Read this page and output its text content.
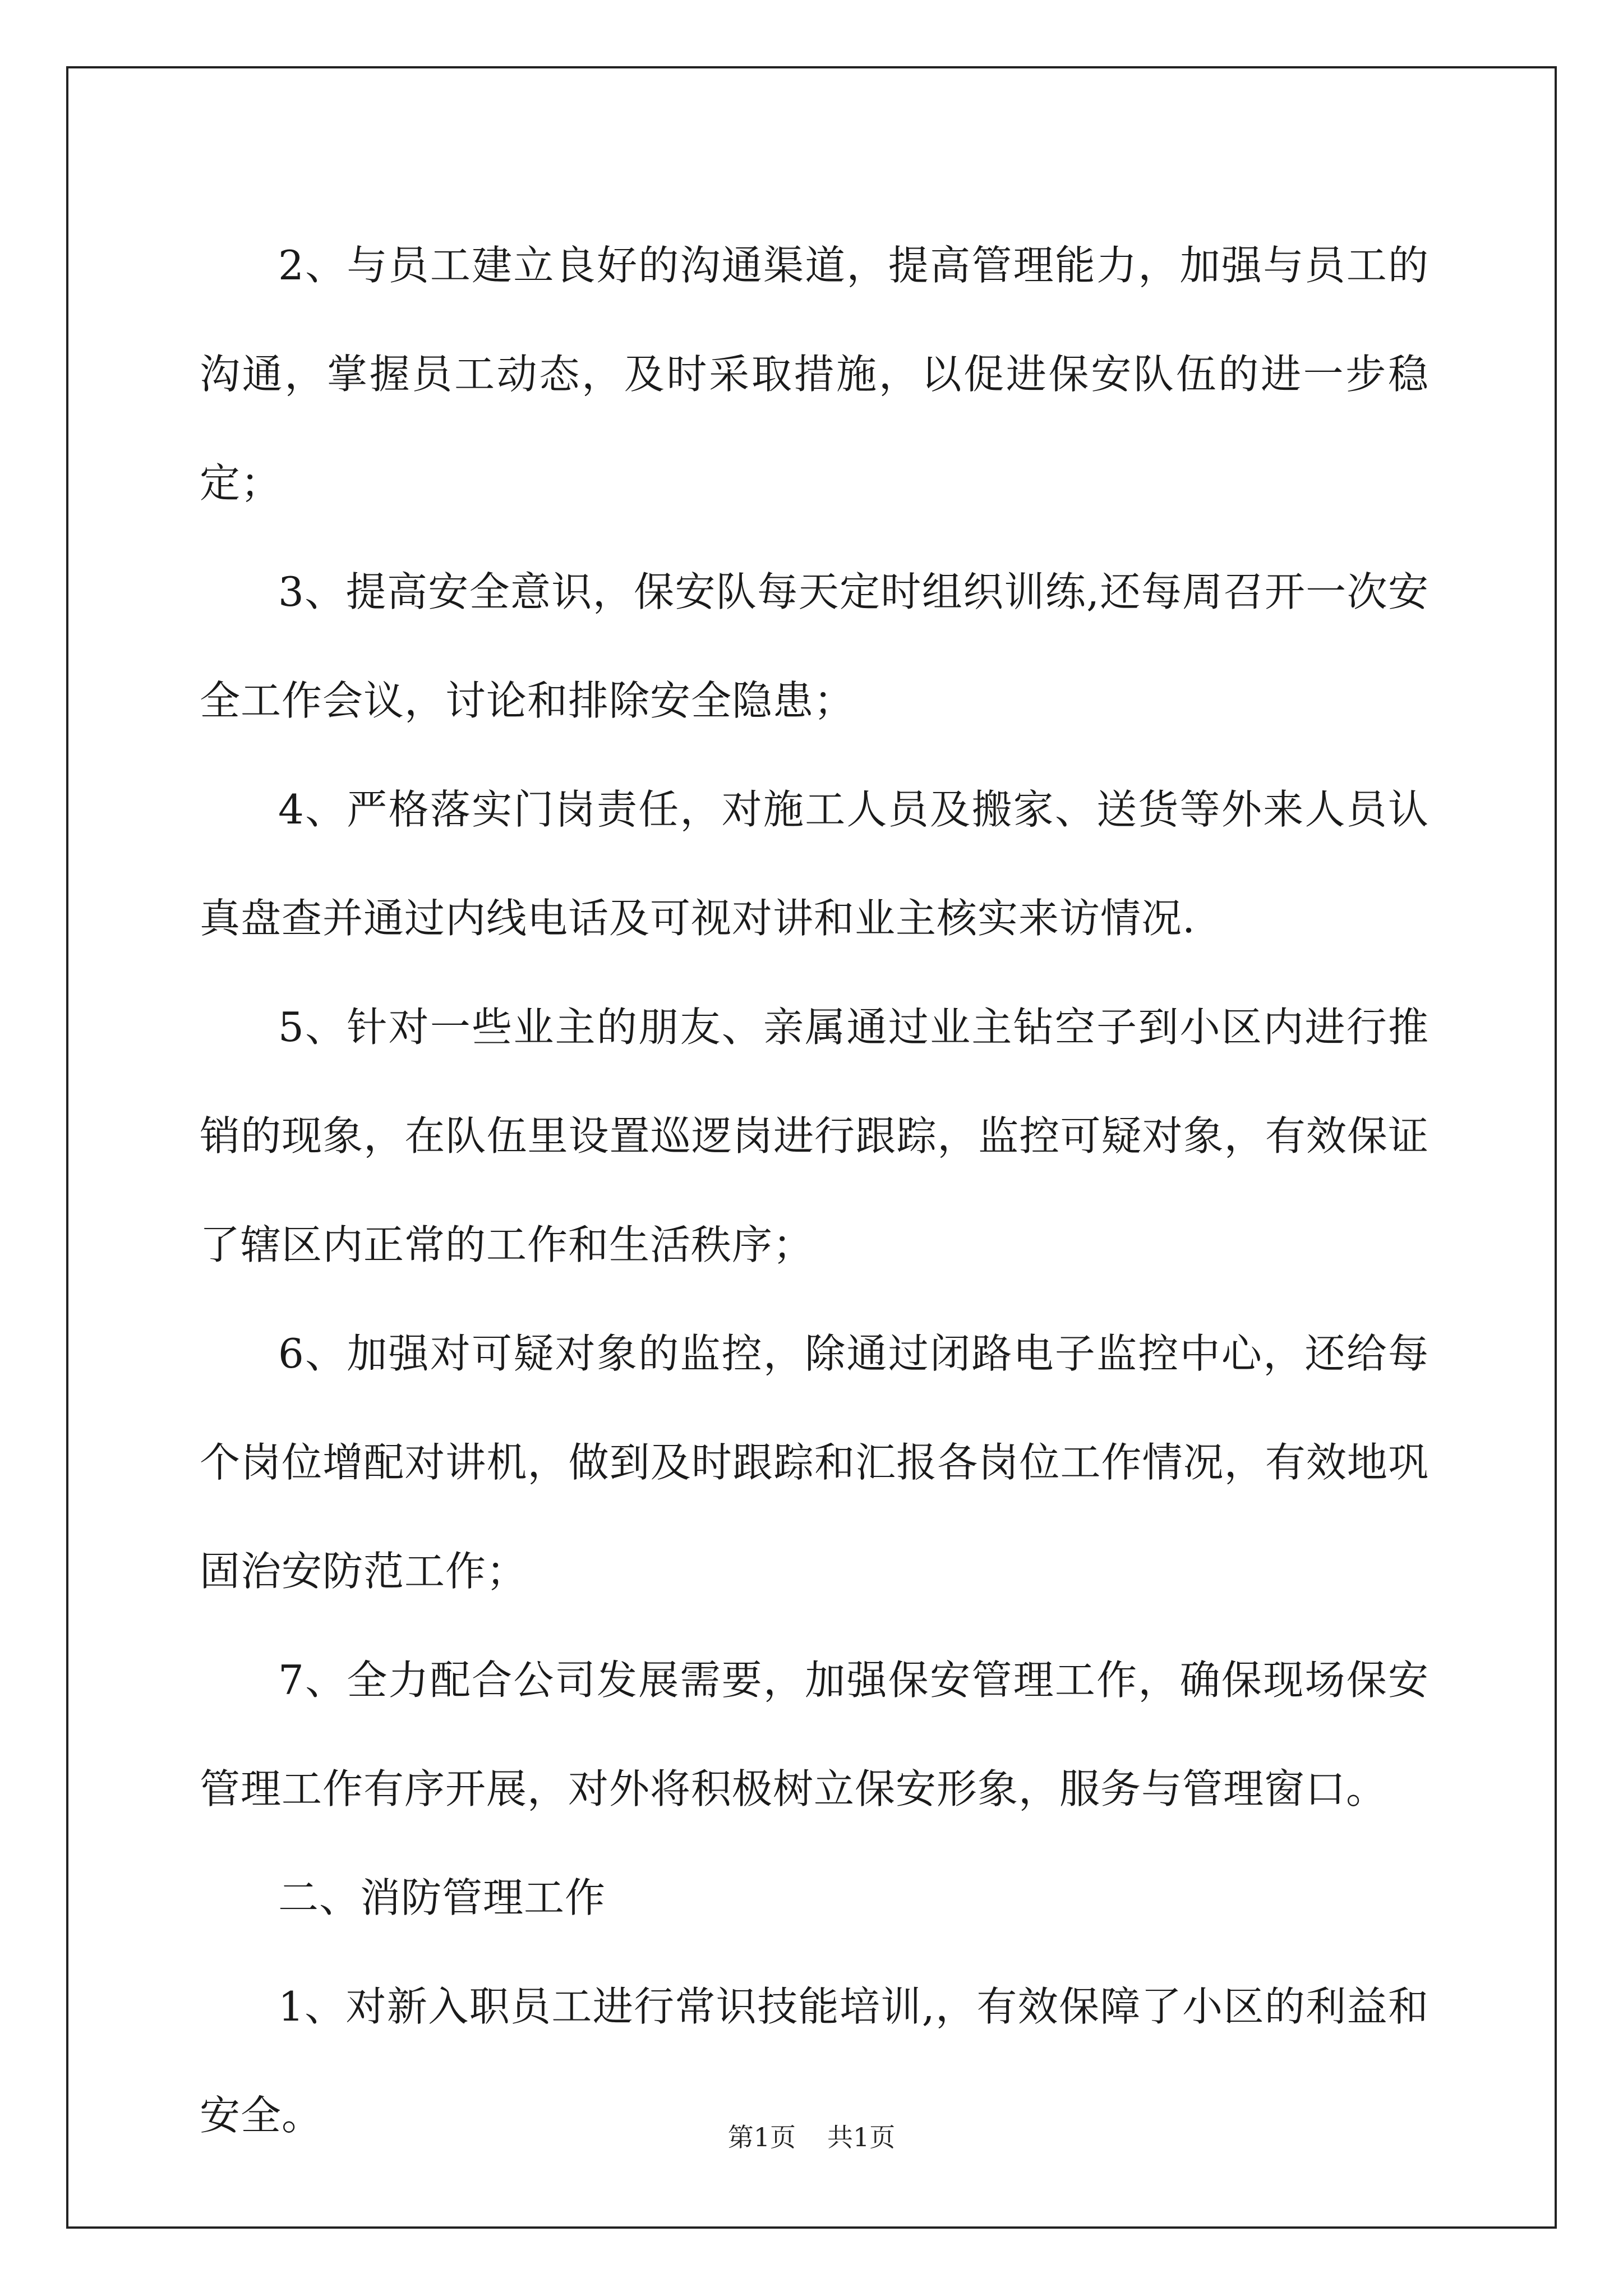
2、与员工建立良好的沟通渠道，提高管理能力，加强与员工的沟通，掌握员工动态，及时采取措施，以促进保安队伍的进一步稳定；

3、提高安全意识，保安队每天定时组织训练,还每周召开一次安全工作会议，讨论和排除安全隐患；

4、严格落实门岗责任，对施工人员及搬家、送货等外来人员认真盘查并通过内线电话及可视对讲和业主核实来访情况.

5、针对一些业主的朋友、亲属通过业主钻空子到小区内进行推销的现象，在队伍里设置巡逻岗进行跟踪，监控可疑对象，有效保证了辖区内正常的工作和生活秩序；

6、加强对可疑对象的监控，除通过闭路电子监控中心，还给每个岗位增配对讲机，做到及时跟踪和汇报各岗位工作情况，有效地巩固治安防范工作；

7、全力配合公司发展需要，加强保安管理工作，确保现场保安管理工作有序开展，对外将积极树立保安形象，服务与管理窗口。

二、消防管理工作

1、对新入职员工进行常识技能培训,，有效保障了小区的利益和安全。	第1页 共1页
